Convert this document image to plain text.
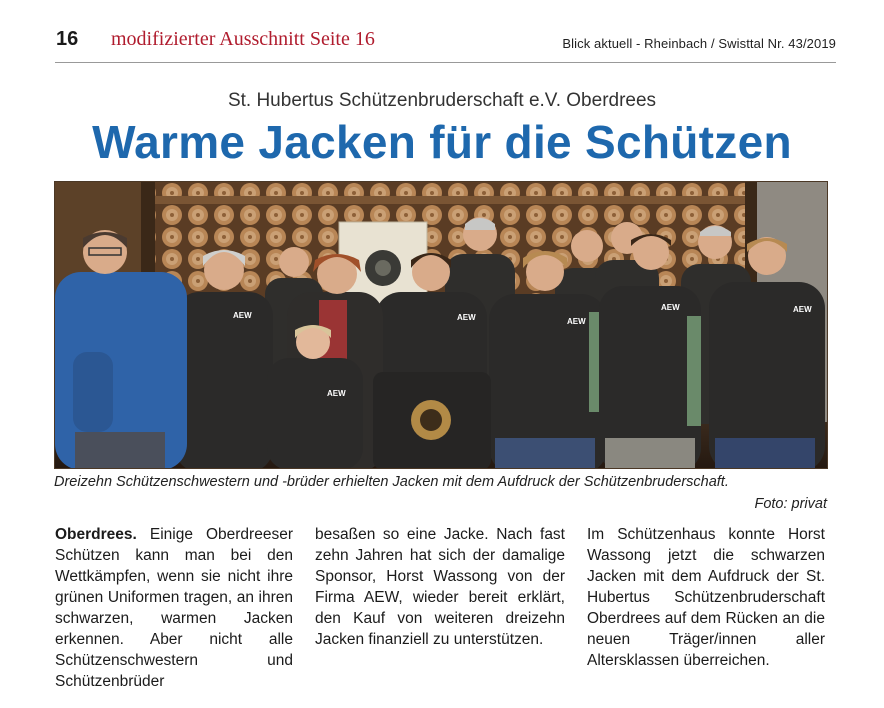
16 modifizierter Ausschnitt Seite 16	Blick aktuell - Rheinbach / Swisttal Nr. 43/2019
St. Hubertus Schützenbruderschaft e.V. Oberdrees
Warme Jacken für die Schützen
AEW	AEW	AEW
AEW	AEW
AEW
Dreizehn Schützenschwestern und -brüder erhielten Jacken mit dem Aufdruck der Schützenbruderschaft.
Foto: privat
Oberdrees. Einige Oberdreeser Schützen kann man bei den Wettkämpfen, wenn sie nicht ihre grünen Uniformen tragen, an ihren schwarzen, warmen Jacken erkennen. Aber nicht alle Schützenschwestern und Schützenbrüder
besaßen so eine Jacke. Nach fast zehn Jahren hat sich der damalige Sponsor, Horst Wassong von der Firma AEW, wieder bereit erklärt, den Kauf von weiteren dreizehn Jacken finanziell zu unterstützen.
Im Schützenhaus konnte Horst Wassong jetzt die schwarzen Jacken mit dem Aufdruck der St. Hubertus Schützenbruderschaft Oberdrees auf dem Rücken an die neuen Träger/innen aller Altersklassen überreichen.
